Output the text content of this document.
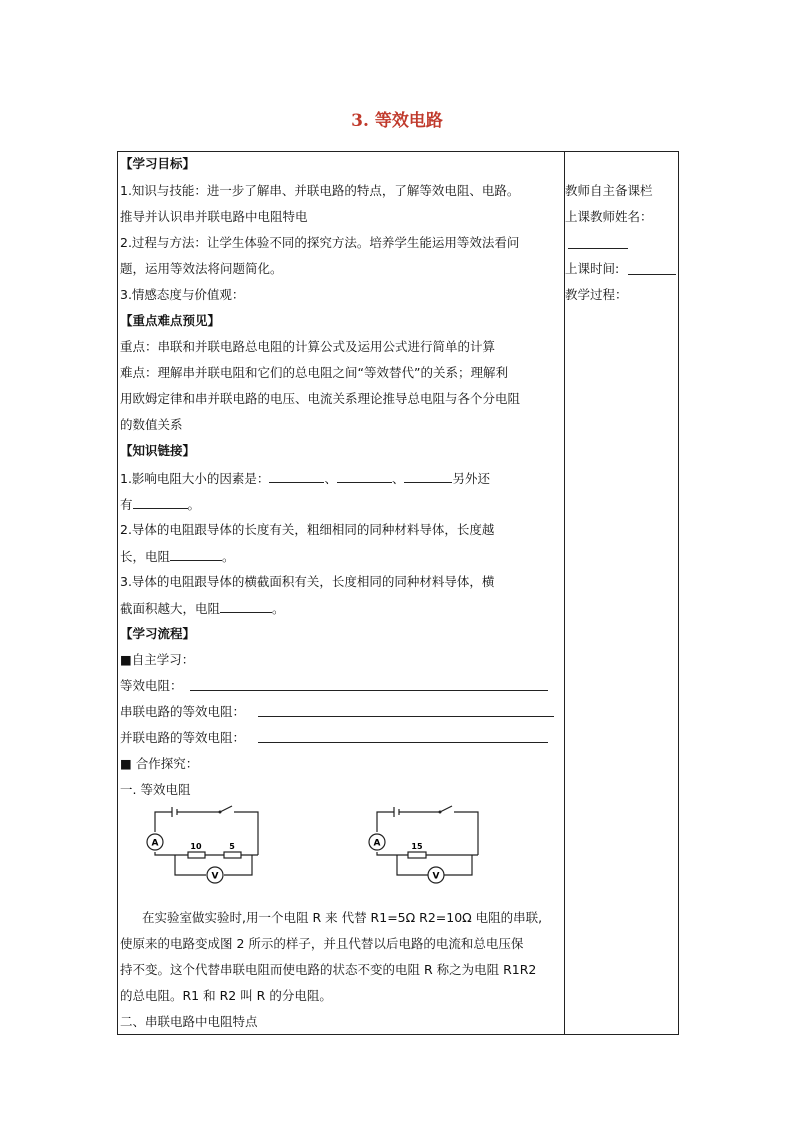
3. 等效电路
【学习目标】
1.知识与技能：进一步了解串、并联电路的特点，了解等效电阻、电路。
推导并认识串并联电路中电阻特电
2.过程与方法：让学生体验不同的探究方法。培养学生能运用等效法看问
题，运用等效法将问题简化。
3.情感态度与价值观：
【重点难点预见】
重点：串联和并联电路总电阻的计算公式及运用公式进行简单的计算
难点：理解串并联电阻和它们的总电阻之间“等效替代”的关系；理解利
用欧姆定律和串并联电路的电压、电流关系理论推导总电阻与各个分电阻
的数值关系
【知识链接】
1.影响电阻大小的因素是：	、	、	另外还
有	。
2.导体的电阻跟导体的长度有关，粗细相同的同种材料导体，长度越
长，电阻	。
3.导体的电阻跟导体的横截面积有关，长度相同的同种材料导体，横
截面积越大，电阻	。
【学习流程】
■自主学习：
等效电阻：
串联电路的等效电阻：
并联电路的等效电阻：
■ 合作探究：
一. 等效电阻
A
V
10	5	A
V
15
在实验室做实验时,用一个电阻 R 来 代替 R1=5Ω R2=10Ω 电阻的串联,
使原来的电路变成图 2 所示的样子，并且代替以后电路的电流和总电压保
持不变。这个代替串联电阻而使电路的状态不变的电阻 R 称之为电阻 R1R2
的总电阻。R1 和 R2 叫 R 的分电阻。
二、串联电路中电阻特点
教师自主备课栏
上课教师姓名：
上课时间:
教学过程：
